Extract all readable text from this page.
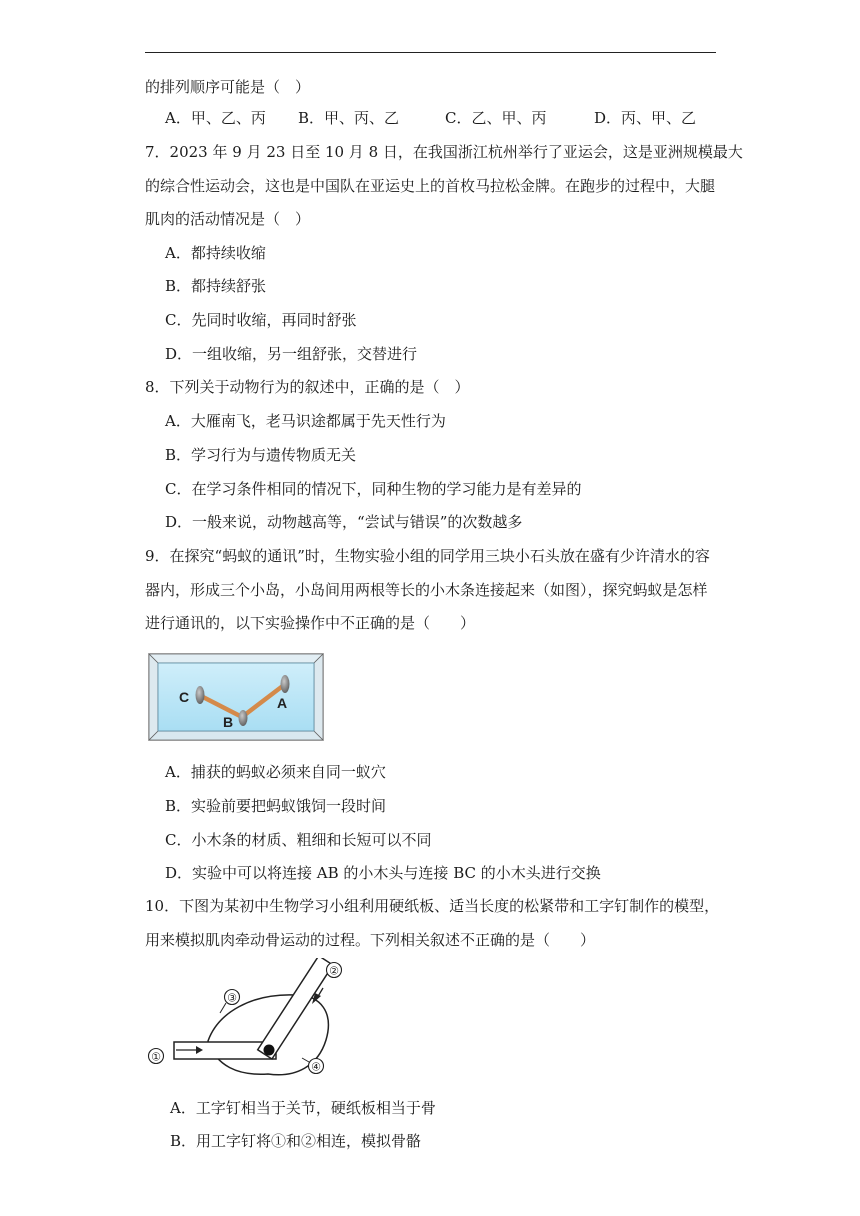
的排列顺序可能是（　）
A．甲、乙、丙 B．甲、丙、乙	C．乙、甲、丙	D．丙、甲、乙
7．2023 年 9 月 23 日至 10 月 8 日，在我国浙江杭州举行了亚运会，这是亚洲规模最大
的综合性运动会，这也是中国队在亚运史上的首枚马拉松金牌。在跑步的过程中，大腿
肌肉的活动情况是（　）
A．都持续收缩
B．都持续舒张
C．先同时收缩，再同时舒张
D．一组收缩，另一组舒张，交替进行
8．下列关于动物行为的叙述中，正确的是（　）
A．大雁南飞，老马识途都属于先天性行为
B．学习行为与遗传物质无关
C．在学习条件相同的情况下，同种生物的学习能力是有差异的
D．一般来说，动物越高等，“尝试与错误”的次数越多
9．在探究“蚂蚁的通讯”时，生物实验小组的同学用三块小石头放在盛有少许清水的容
器内，形成三个小岛，小岛间用两根等长的小木条连接起来（如图），探究蚂蚁是怎样
进行通讯的，以下实验操作中不正确的是（　　）
C
B
A
A．捕获的蚂蚁必须来自同一蚁穴
B．实验前要把蚂蚁饿饲一段时间
C．小木条的材质、粗细和长短可以不同
D．实验中可以将连接 AB 的小木头与连接 BC 的小木头进行交换
10．下图为某初中生物学习小组利用硬纸板、适当长度的松紧带和工字钉制作的模型，
用来模拟肌肉牵动骨运动的过程。下列相关叙述不正确的是（　　）
①
②
③
④
A．工字钉相当于关节，硬纸板相当于骨
B．用工字钉将①和②相连，模拟骨骼
